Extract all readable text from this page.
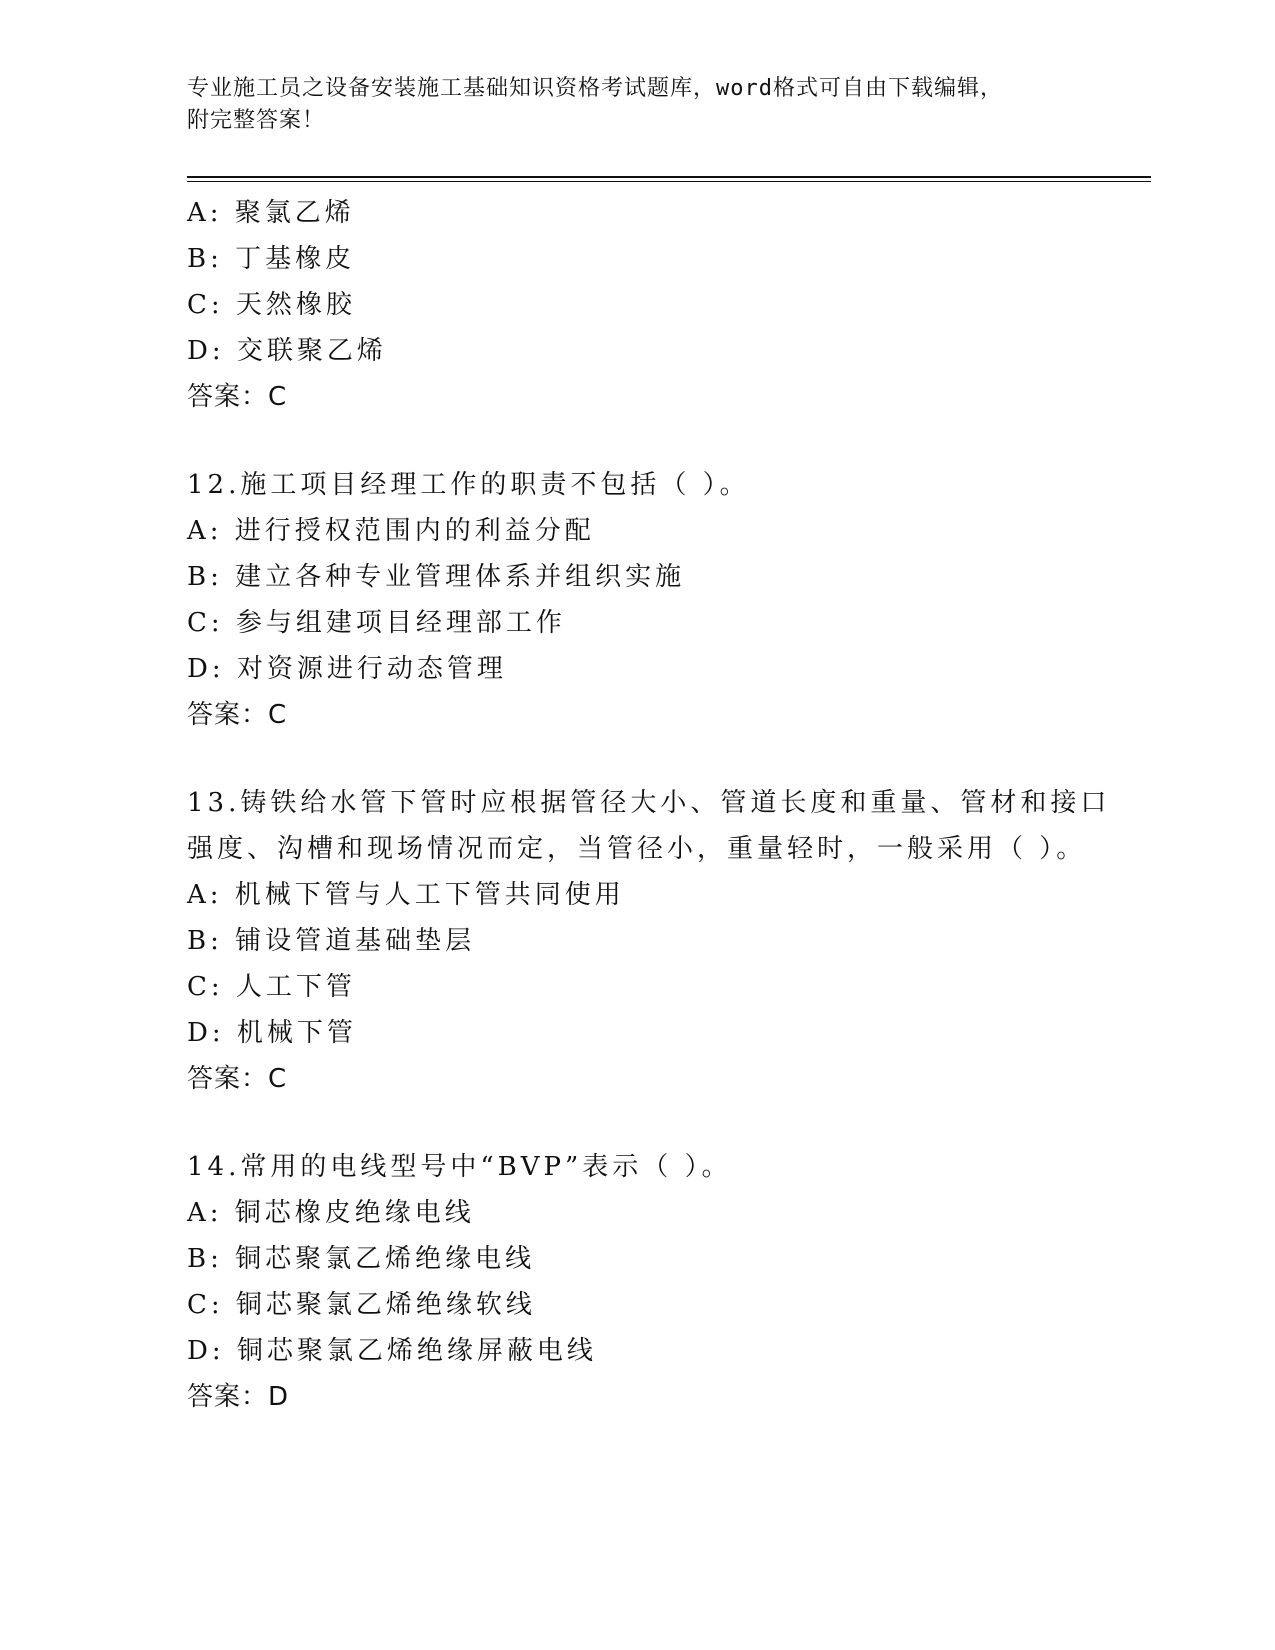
专业施工员之设备安装施工基础知识资格考试题库，word格式可自由下载编辑，
附完整答案！
A: 聚氯乙烯
B: 丁基橡皮
C: 天然橡胶
D: 交联聚乙烯
答案：C
12.施工项目经理工作的职责不包括（ ）。
A: 进行授权范围内的利益分配
B: 建立各种专业管理体系并组织实施
C: 参与组建项目经理部工作
D: 对资源进行动态管理
答案：C
13.铸铁给水管下管时应根据管径大小、管道长度和重量、管材和接口
强度、沟槽和现场情况而定，当管径小，重量轻时，一般采用（ ）。
A: 机械下管与人工下管共同使用
B: 铺设管道基础垫层
C: 人工下管
D: 机械下管
答案：C
14.常用的电线型号中“BVP”表示（ ）。
A: 铜芯橡皮绝缘电线
B: 铜芯聚氯乙烯绝缘电线
C: 铜芯聚氯乙烯绝缘软线
D: 铜芯聚氯乙烯绝缘屏蔽电线
答案：D
